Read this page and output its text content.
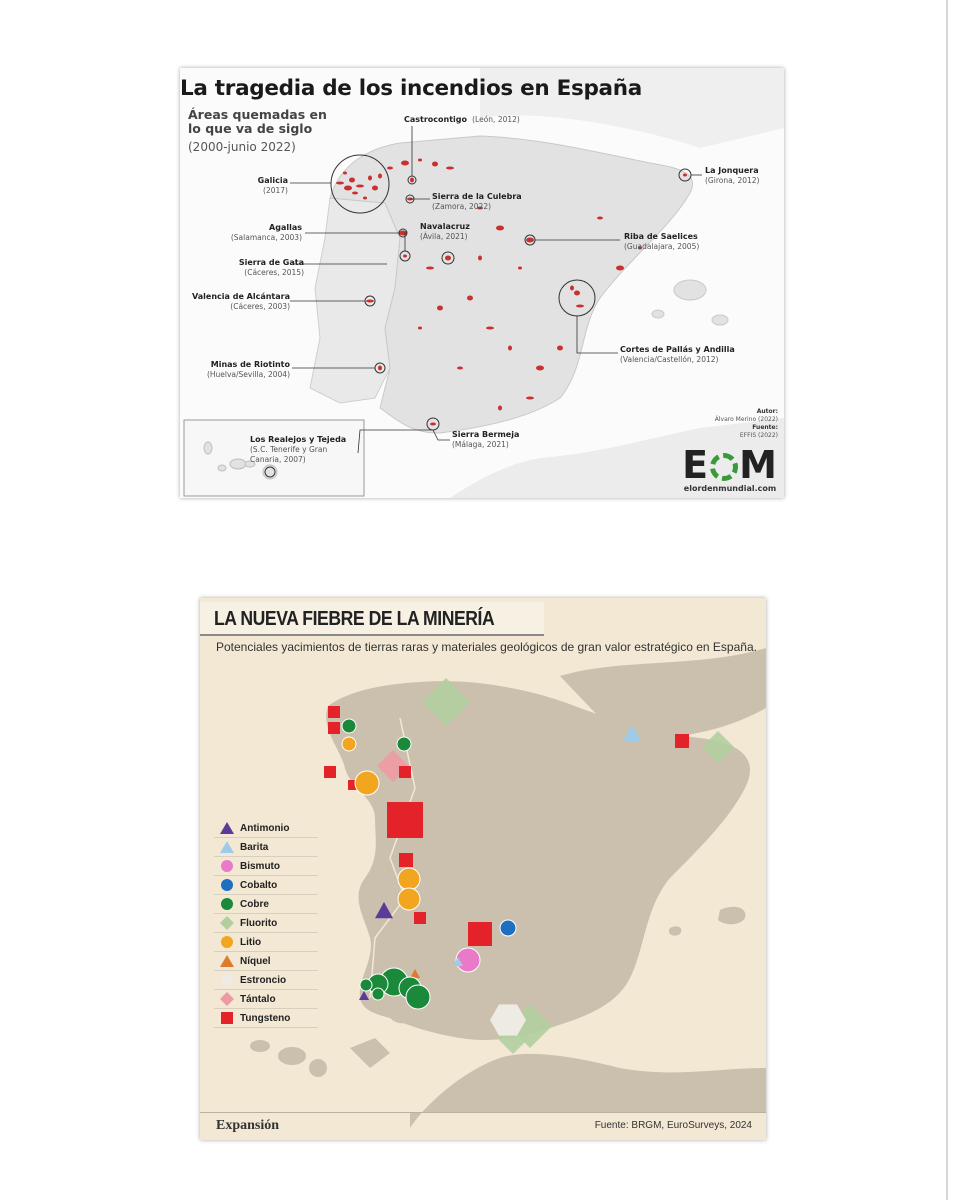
La tragedia de los incendios en España
Áreas quemadas en lo que va de siglo
(2000-junio 2022)
Castrocontigo (León, 2012)
Galicia
(2017)
Sierra de la Culebra
(Zamora, 2022)
Agallas
(Salamanca, 2003)
Navalacruz
(Ávila, 2021)
Sierra de Gata
(Cáceres, 2015)
Valencia de Alcántara
(Cáceres, 2003)
Minas de Riotinto
(Huelva/Sevilla, 2004)
Los Realejos y Tejeda
(S.C. Tenerife y Gran Canaria, 2007)
Sierra Bermeja
(Málaga, 2021)
La Jonquera
(Girona, 2012)
Riba de Saelices
(Guadalajara, 2005)
Cortes de Pallás y Andilla
(Valencia/Castellón, 2012)
Autor:
Álvaro Merino (2022)
Fuente:
EFFIS (2022)
E M
elordenmundial.com
LA NUEVA FIEBRE DE LA MINERÍA
Potenciales yacimientos de tierras raras y materiales geológicos de gran valor estratégico en España.
Antimonio
Barita
Bismuto
Cobalto
Cobre
Fluorito
Litio
Níquel
Estroncio
Tántalo
Tungsteno
Expansión	Fuente: BRGM, EuroSurveys, 2024
